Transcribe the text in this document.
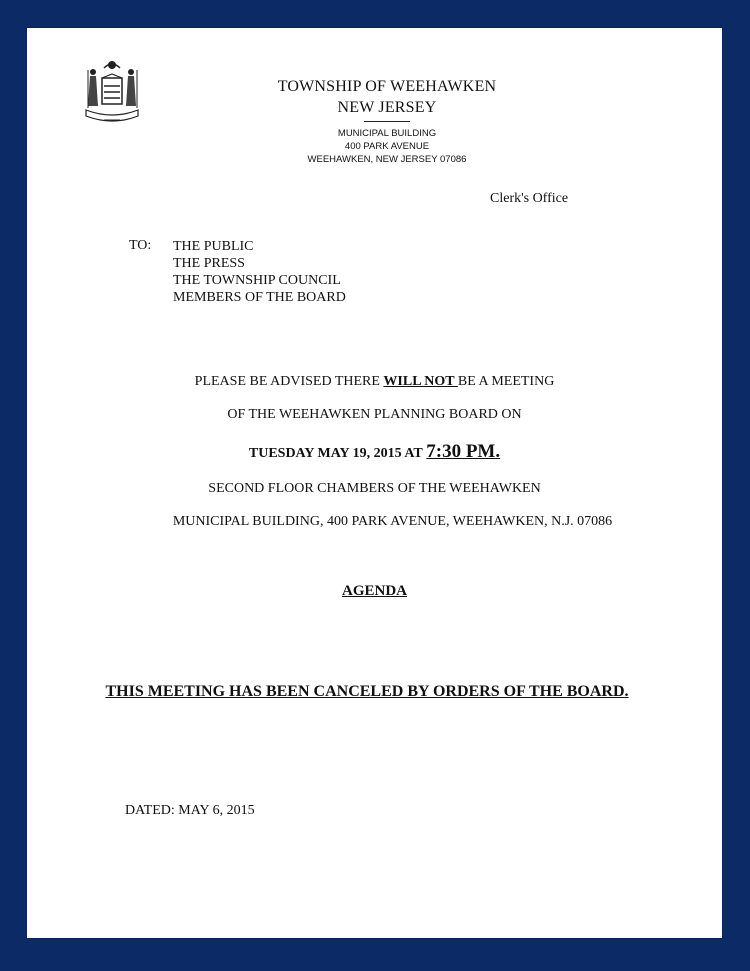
TOWNSHIP OF WEEHAWKEN
NEW JERSEY
MUNICIPAL BUILDING
400 PARK AVENUE
WEEHAWKEN, NEW JERSEY 07086
Clerk's Office
TO: THE PUBLIC
THE PRESS
THE TOWNSHIP COUNCIL
MEMBERS OF THE BOARD
PLEASE BE ADVISED THERE WILL NOT BE A MEETING
OF THE WEEHAWKEN PLANNING BOARD ON
TUESDAY MAY 19, 2015 AT 7:30 PM.
SECOND FLOOR CHAMBERS OF THE WEEHAWKEN
MUNICIPAL BUILDING, 400 PARK AVENUE, WEEHAWKEN, N.J. 07086
AGENDA
THIS MEETING HAS BEEN CANCELED BY ORDERS OF THE BOARD.
DATED: MAY 6, 2015
